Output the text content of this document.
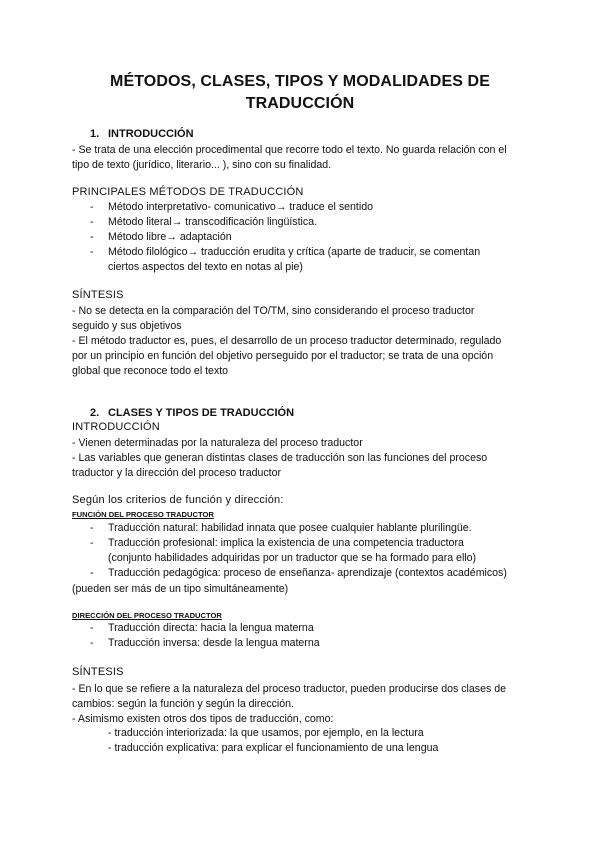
MÉTODOS, CLASES, TIPOS Y MODALIDADES DE
TRADUCCIÓN
1. INTRODUCCIÓN
- Se trata de una elección procedimental que recorre todo el texto. No guarda relación con el
tipo de texto (jurídico, literario... ), sino con su finalidad.
PRINCIPALES MÉTODOS DE TRADUCCIÓN
- Método interpretativo- comunicativo→ traduce el sentido
- Método literal→ transcodificación lingüística.
- Método libre→ adaptación
- Método filológico→ traducción erudita y crítica (aparte de traducir, se comentan
ciertos aspectos del texto en notas al pie)
SÍNTESIS
- No se detecta en la comparación del TO/TM, sino considerando el proceso traductor
seguido y sus objetivos
- El método traductor es, pues, el desarrollo de un proceso traductor determinado, regulado
por un principio en función del objetivo perseguido por el traductor; se trata de una opción
global que reconoce todo el texto
2. CLASES Y TIPOS DE TRADUCCIÓN
INTRODUCCIÓN
- Vienen determinadas por la naturaleza del proceso traductor
- Las variables que generan distintas clases de traducción son las funciones del proceso
traductor y la dirección del proceso traductor
Según los criterios de función y dirección:
FUNCIÓN DEL PROCESO TRADUCTOR
- Traducción natural: habilidad innata que posee cualquier hablante plurilingüe.
- Traducción profesional: implica la existencia de una competencia traductora
(conjunto habilidades adquiridas por un traductor que se ha formado para ello)
- Traducción pedagógica: proceso de enseñanza- aprendizaje (contextos académicos)
(pueden ser más de un tipo simultáneamente)
DIRECCIÓN DEL PROCESO TRADUCTOR
- Traducción directa: hacia la lengua materna
- Traducción inversa: desde la lengua materna
SÍNTESIS
- En lo que se refiere a la naturaleza del proceso traductor, pueden producirse dos clases de
cambios: según la función y según la dirección.
- Asimismo existen otros dos tipos de traducción, como:
- traducción interiorizada: la que usamos, por ejemplo, en la lectura
- traducción explicativa: para explicar el funcionamiento de una lengua
